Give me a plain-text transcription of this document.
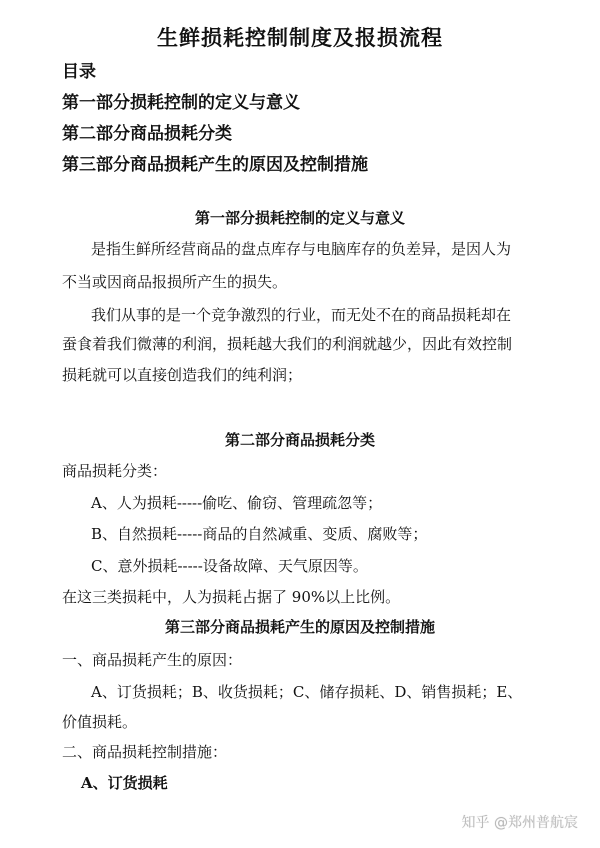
生鲜损耗控制制度及报损流程
目录
第一部分损耗控制的定义与意义
第二部分商品损耗分类
第三部分商品损耗产生的原因及控制措施
第一部分损耗控制的定义与意义
是指生鲜所经营商品的盘点库存与电脑库存的负差异，是因人为
不当或因商品报损所产生的损失。
我们从事的是一个竞争激烈的行业，而无处不在的商品损耗却在
蚕食着我们微薄的利润，损耗越大我们的利润就越少，因此有效控制
损耗就可以直接创造我们的纯利润；
第二部分商品损耗分类
商品损耗分类：
A、人为损耗-----偷吃、偷窃、管理疏忽等；
B、自然损耗-----商品的自然减重、变质、腐败等；
C、意外损耗-----设备故障、天气原因等。
在这三类损耗中，人为损耗占据了 90%以上比例。
第三部分商品损耗产生的原因及控制措施
一、商品损耗产生的原因：
A、订货损耗；B、收货损耗；C、储存损耗、D、销售损耗；E、
价值损耗。
二、商品损耗控制措施：
A、订货损耗
知乎 @郑州普航宸
